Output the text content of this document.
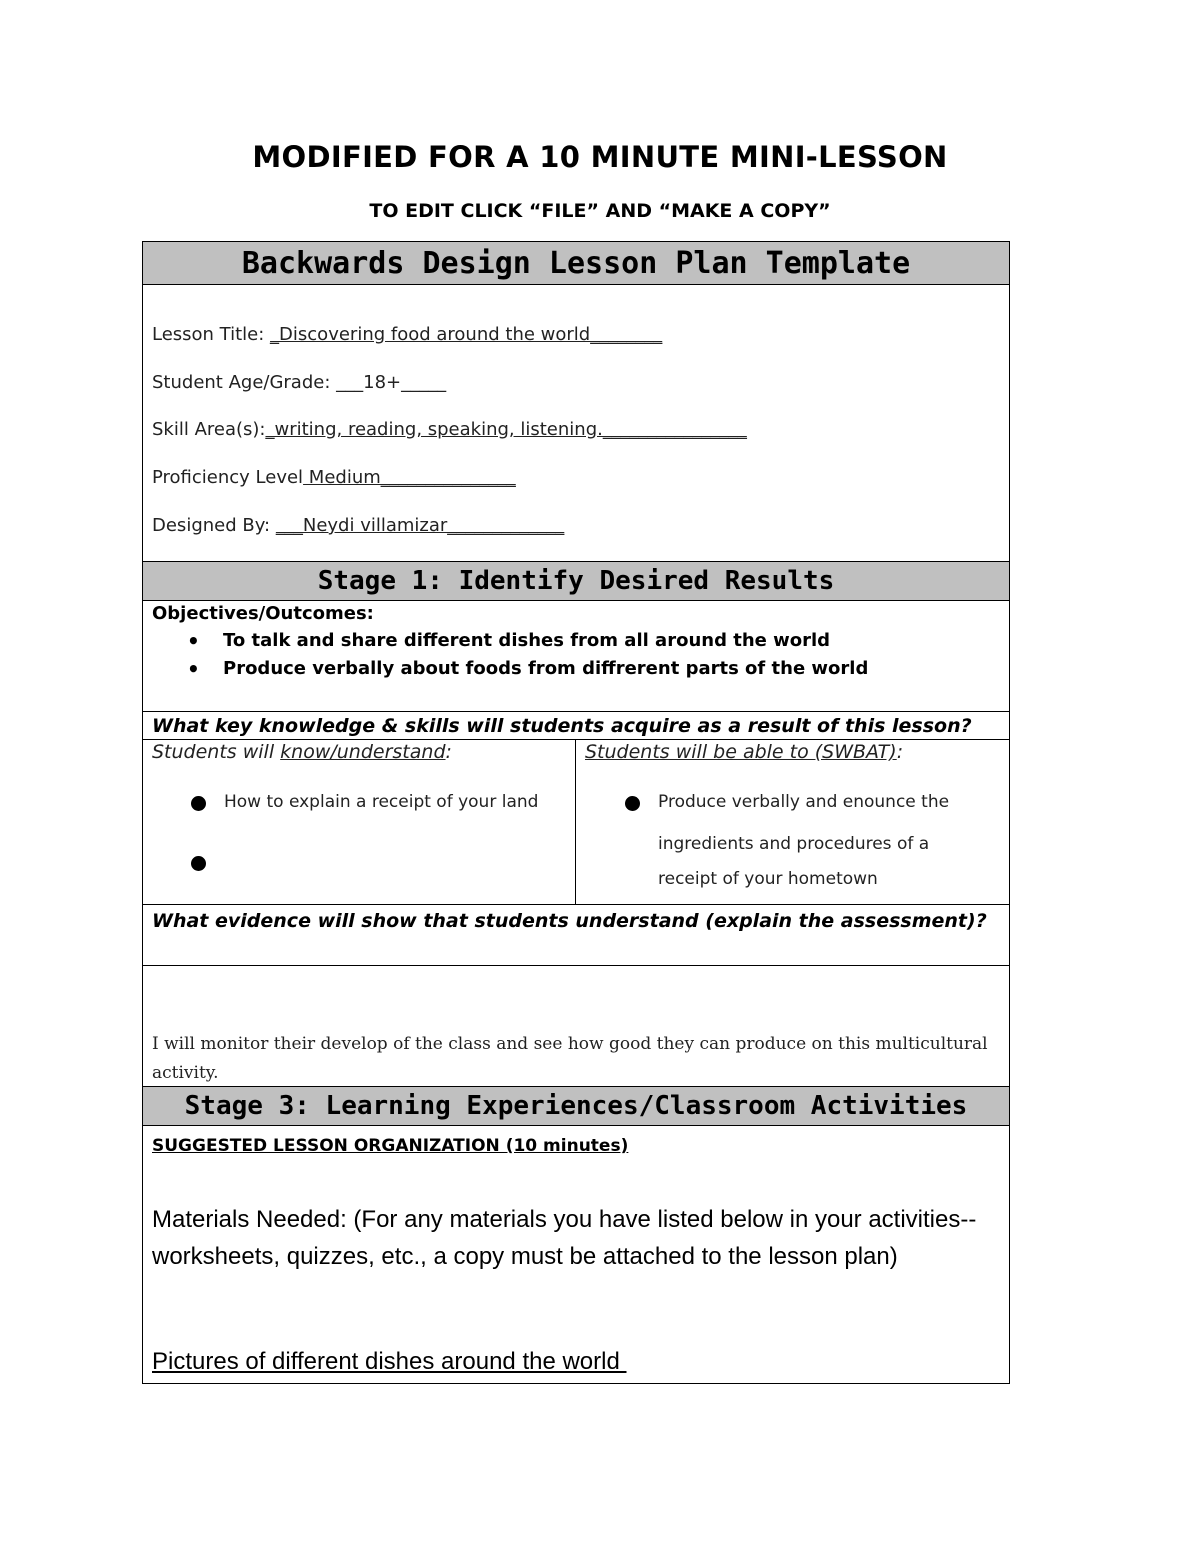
MODIFIED FOR A 10 MINUTE MINI-LESSON
TO EDIT CLICK “FILE” AND “MAKE A COPY”
Backwards Design Lesson Plan Template
Lesson Title: _Discovering food around the world________
Student Age/Grade: ___18+_____
Skill Area(s):_writing, reading, speaking, listening.________________
Proficiency Level Medium_______________
Designed By: ___Neydi villamizar_____________
Stage 1: Identify Desired Results
Objectives/Outcomes:
• To talk and share different dishes from all around the world
• Produce verbally about foods from diffrerent parts of the world
What key knowledge & skills will students acquire as a result of this lesson?
Students will know/understand:
How to explain a receipt of your land
Students will be able to (SWBAT):
Produce verbally and enounce the
ingredients and procedures of a
receipt of your hometown
What evidence will show that students understand (explain the assessment)?
I will monitor their develop of the class and see how good they can produce on this multicultural activity.
Stage 3: Learning Experiences/Classroom Activities
SUGGESTED LESSON ORGANIZATION (10 minutes)
Materials Needed: (For any materials you have listed below in your activities--worksheets, quizzes, etc., a copy must be attached to the lesson plan)
Pictures of different dishes around the world
